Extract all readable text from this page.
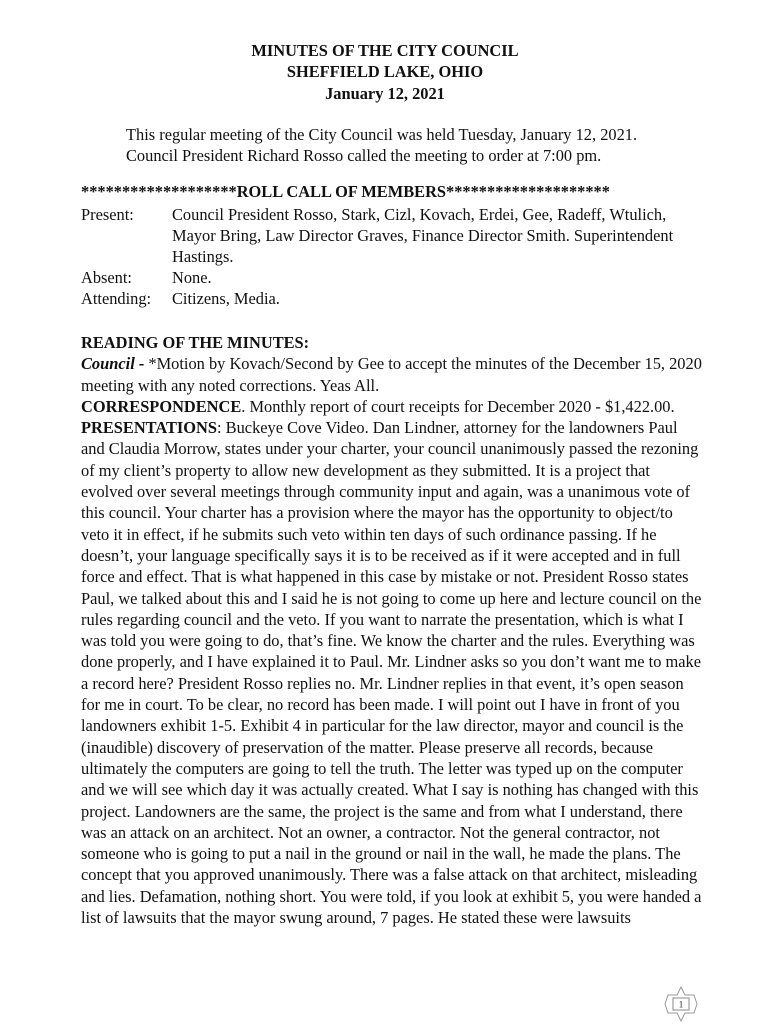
MINUTES OF THE CITY COUNCIL
SHEFFIELD LAKE, OHIO
January 12, 2021

This regular meeting of the City Council was held Tuesday, January 12, 2021.

Council President Richard Rosso called the meeting to order at 7:00 pm.

*******************ROLL CALL OF MEMBERS********************

Present:	Council President Rosso, Stark, Cizl, Kovach, Erdei, Gee, Radeff, Wtulich, Mayor Bring, Law Director Graves, Finance Director Smith. Superintendent Hastings.
Absent:	None.
Attending:	Citizens, Media.

READING OF THE MINUTES:

Council - *Motion by Kovach/Second by Gee to accept the minutes of the December 15, 2020 meeting with any noted corrections. Yeas All.

CORRESPONDENCE. Monthly report of court receipts for December 2020 - $1,422.00.

PRESENTATIONS: Buckeye Cove Video. Dan Lindner, attorney for the landowners Paul and Claudia Morrow, states under your charter, your council unanimously passed the rezoning of my client’s property to allow new development as they submitted. It is a project that evolved over several meetings through community input and again, was a unanimous vote of this council. Your charter has a provision where the mayor has the opportunity to object/to veto it in effect, if he submits such veto within ten days of such ordinance passing. If he doesn’t, your language specifically says it is to be received as if it were accepted and in full force and effect. That is what happened in this case by mistake or not. President Rosso states Paul, we talked about this and I said he is not going to come up here and lecture council on the rules regarding council and the veto. If you want to narrate the presentation, which is what I was told you were going to do, that’s fine. We know the charter and the rules. Everything was done properly, and I have explained it to Paul. Mr. Lindner asks so you don’t want me to make a record here? President Rosso replies no. Mr. Lindner replies in that event, it’s open season for me in court. To be clear, no record has been made. I will point out I have in front of you landowners exhibit 1-5. Exhibit 4 in particular for the law director, mayor and council is the (inaudible) discovery of preservation of the matter. Please preserve all records, because ultimately the computers are going to tell the truth. The letter was typed up on the computer and we will see which day it was actually created. What I say is nothing has changed with this project. Landowners are the same, the project is the same and from what I understand, there was an attack on an architect. Not an owner, a contractor. Not the general contractor, not someone who is going to put a nail in the ground or nail in the wall, he made the plans. The concept that you approved unanimously. There was a false attack on that architect, misleading and lies. Defamation, nothing short. You were told, if you look at exhibit 5, you were handed a list of lawsuits that the mayor swung around, 7 pages. He stated these were lawsuits

1
